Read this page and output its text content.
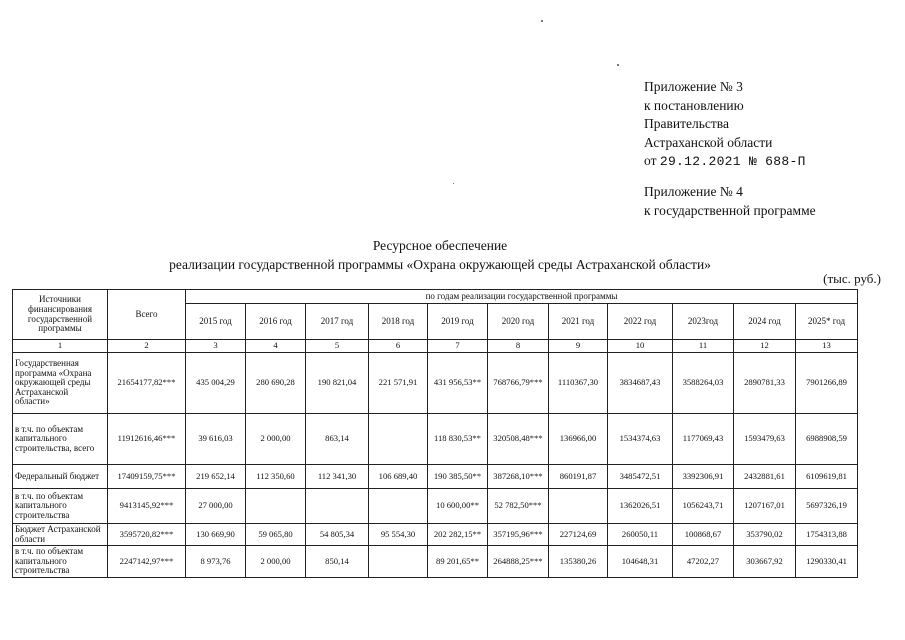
Приложение № 3
к постановлению
Правительства
Астраханской области
от 29.12.2021 № 688-П
Приложение № 4
к государственной программе
Ресурсное обеспечение
реализации государственной программы «Охрана окружающей среды Астраханской области»
(тыс. руб.)
Источники финансирования государственной программы	Всего	по годам реализации государственной программы										
		2015 год	2016 год	2017 год	2018 год	2019 год	2020 год	2021 год	2022 год	2023год	2024 год	2025* год
1	2	3	4	5	6	7	8	9	10	11	12	13
Государственная программа «Охрана окружающей среды Астраханской области»	21654177,82***	435 004,29	280 690,28	190 821,04	221 571,91	431 956,53**	768766,79***	1110367,30	3834687,43	3588264,03	2890781,33	7901266,89
в т.ч. по объектам капитального строительства, всего	11912616,46***	39 616,03	2 000,00	863,14		118 830,53**	320508,48***	136966,00	1534374,63	1177069,43	1593479,63	6988908,59
Федеральный бюджет	17409159,75***	219 652,14	112 350,60	112 341,30	106 689,40	190 385,50**	387268,10***	860191,87	3485472,51	3392306,91	2432881,61	6109619,81
в т.ч. по объектам капитального строительства	9413145,92***	27 000,00				10 600,00**	52 782,50***		1362026,51	1056243,71	1207167,01	5697326,19
Бюджет Астраханской области	3595720,82***	130 669,90	59 065,80	54 805,34	95 554,30	202 282,15**	357195,96***	227124,69	260050,11	100868,67	353790,02	1754313,88
в т.ч. по объектам капитального строительства	2247142,97***	8 973,76	2 000,00	850,14		89 201,65**	264888,25***	135380,26	104648,31	47202,27	303667,92	1290330,41
